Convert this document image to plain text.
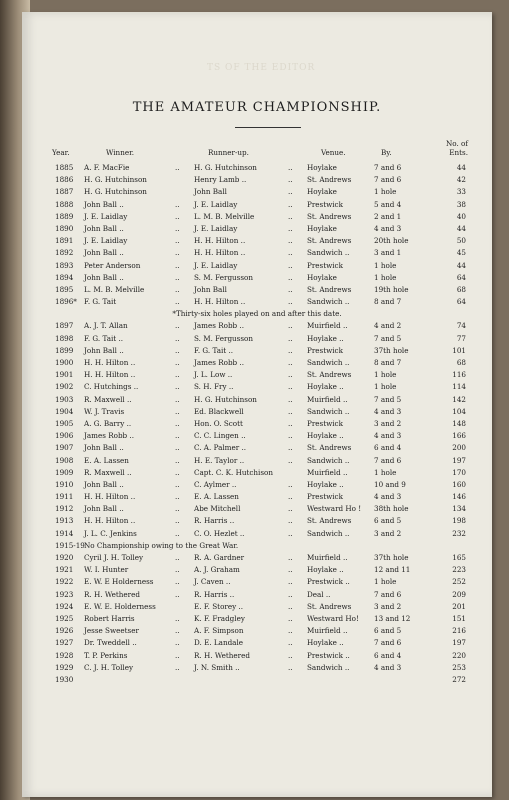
TS OF THE EDITOR
THE AMATEUR CHAMPIONSHIP.
Year.	Winner.	Runner-up.	Venue.	By.
No. of
Ents.
1885 A. F. MacFie	.. H. G. Hutchinson	.. Hoylake	7 and 6	44
1886 H. G. Hutchinson	Henry Lamb ..	.. St. Andrews	7 and 6	42
1887 H. G. Hutchinson	John Ball	.. Hoylake	1 hole	33
1888 John Ball ..	.. J. E. Laidlay	.. Prestwick	5 and 4	38
1889 J. E. Laidlay	.. L. M. B. Melville	.. St. Andrews	2 and 1	40
1890 John Ball ..	.. J. E. Laidlay	.. Hoylake	4 and 3	44
1891 J. E. Laidlay	.. H. H. Hilton ..	.. St. Andrews	20th hole	50
1892 John Ball ..	.. H. H. Hilton ..	.. Sandwich ..	3 and 1	45
1893 Peter Anderson	.. J. E. Laidlay	.. Prestwick	1 hole	44
1894 John Ball ..	.. S. M. Fergusson	.. Hoylake	1 hole	64
1895 L. M. B. Melville	.. John Ball	.. St. Andrews	19th hole	68
1896* F. G. Tait	.. H. H. Hilton ..	.. Sandwich ..	8 and 7	64
*Thirty-six holes played on and after this date.
1897 A. J. T. Allan	.. James Robb ..	.. Muirfield ..	4 and 2	74
1898 F. G. Tait ..	.. S. M. Fergusson	.. Hoylake ..	7 and 5	77
1899 John Ball ..	.. F. G. Tait ..	.. Prestwick	37th hole	101
1900 H. H. Hilton ..	.. James Robb ..	.. Sandwich ..	8 and 7	68
1901 H. H. Hilton ..	.. J. L. Low ..	.. St. Andrews	1 hole	116
1902 C. Hutchings ..	.. S. H. Fry ..	.. Hoylake ..	1 hole	114
1903 R. Maxwell ..	.. H. G. Hutchinson	.. Muirfield ..	7 and 5	142
1904 W. J. Travis	.. Ed. Blackwell	.. Sandwich ..	4 and 3	104
1905 A. G. Barry ..	.. Hon. O. Scott	.. Prestwick	3 and 2	148
1906 James Robb ..	.. C. C. Lingen ..	.. Hoylake ..	4 and 3	166
1907 John Ball ..	.. C. A. Palmer ..	.. St. Andrews	6 and 4	200
1908 E. A. Lassen	.. H. E. Taylor ..	.. Sandwich ..	7 and 6	197
1909 R. Maxwell ..	.. Capt. C. K. Hutchison	Muirfield ..	1 hole	170
1910 John Ball ..	.. C. Aylmer ..	.. Hoylake ..	10 and 9	160
1911 H. H. Hilton ..	.. E. A. Lassen	.. Prestwick	4 and 3	146
1912 John Ball ..	.. Abe Mitchell	.. Westward Ho ! 38th hole	134
1913 H. H. Hilton ..	.. R. Harris ..	.. St. Andrews	6 and 5	198
1914 J. L. C. Jenkins	.. C. O. Hezlet ..	.. Sandwich ..	3 and 2	232
1915-19 No Championship owing to the Great War.
1920 Cyril J. H. Tolley	.. R. A. Gardner	.. Muirfield ..	37th hole	165
1921 W. I. Hunter	.. A. J. Graham	.. Hoylake ..	12 and 11	223
1922 E. W. E Holderness	.. J. Caven ..	.. Prestwick ..	1 hole	252
1923 R. H. Wethered	.. R. Harris ..	.. Deal ..	7 and 6	209
1924 E. W. E. Holderness	E. F. Storey ..	.. St. Andrews	3 and 2	201
1925 Robert Harris	.. K. F. Fradgley	.. Westward Ho! 13 and 12	151
1926 Jesse Sweetser	.. A. F. Simpson	.. Muirfield ..	6 and 5	216
1927 Dr. Tweddell ..	.. D. E. Landale	.. Hoylake ..	7 and 6	197
1928 T. P. Perkins	.. R. H. Wethered	.. Prestwick ..	6 and 4	220
1929 C. J. H. Tolley	.. J. N. Smith ..	.. Sandwich ..	4 and 3	253
1930	272
